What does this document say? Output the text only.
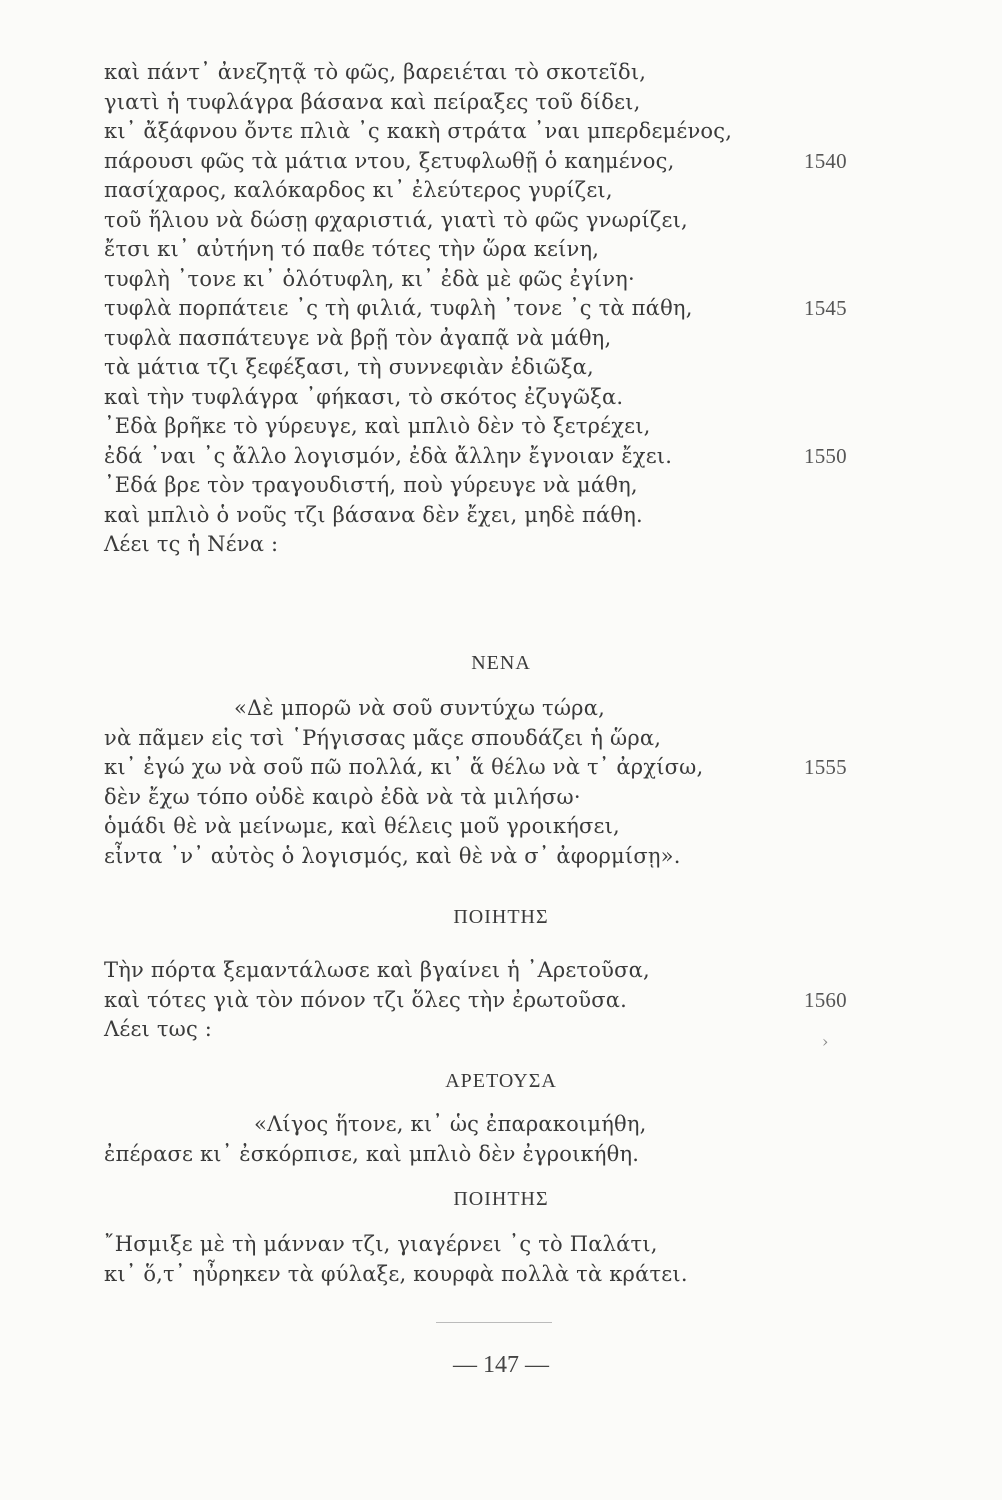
καὶ πάντ᾽ ἀνεζητᾷ τὸ φῶς, βαρειέται τὸ σκοτεῖδι,
γιατὶ ἡ τυφλάγρα βάσανα καὶ πείραξες τοῦ δίδει,
κι᾽ ἄξάφνου ὄντε πλιὰ ᾽ς κακὴ στράτα ᾽ναι μπερδεμένος,
πάρουσι φῶς τὰ μάτια ντου, ξετυφλωθῇ ὁ καημένος,	1540
πασίχαρος, καλόκαρδος κι᾽ ἐλεύτερος γυρίζει,
τοῦ ἥλιου νὰ δώσῃ φχαριστιά, γιατὶ τὸ φῶς γνωρίζει,
ἔτσι κι᾽ αὐτήνη τό παθε τότες τὴν ὥρα κείνη,
τυφλὴ ᾽τονε κι᾽ ὁλότυφλη, κι᾽ ἐδὰ μὲ φῶς ἐγίνη·
τυφλὰ πορπάτειε ᾽ς τὴ φιλιά, τυφλὴ ᾽τονε ᾽ς τὰ πάθη,	1545
τυφλὰ πασπάτευγε νὰ βρῇ τὸν ἀγαπᾷ νὰ μάθη,
τὰ μάτια τζι ξεφέξασι, τὴ συννεφιὰν ἐδιῶξα,
καὶ τὴν τυφλάγρα ᾽φήκασι, τὸ σκότος ἐζυγῶξα.
᾽Εδὰ βρῆκε τὸ γύρευγε, καὶ μπλιὸ δὲν τὸ ξετρέχει,
ἐδά ᾽ναι ᾽ς ἄλλο λογισμόν, ἐδὰ ἄλλην ἔγνοιαν ἔχει.	1550
᾽Εδά βρε τὸν τραγουδιστή, ποὺ γύρευγε νὰ μάθη,
καὶ μπλιὸ ὁ νοῦς τζι βάσανα δὲν ἔχει, μηδὲ πάθη.
Λέει τς ἡ Νένα :
ΝΕΝΑ
«Δὲ μπορῶ νὰ σοῦ συντύχω τώρα,
νὰ πᾶμεν εἰς τσὶ ῾Ρήγισσας μᾶςε σπουδάζει ἡ ὥρα,
κι᾽ ἐγώ χω νὰ σοῦ πῶ πολλά, κι᾽ ἅ θέλω νὰ τ᾽ ἀρχίσω,	1555
δὲν ἔχω τόπο οὐδὲ καιρὸ ἐδὰ νὰ τὰ μιλήσω·
ὁμάδι θὲ νὰ μείνωμε, καὶ θέλεις μοῦ γροικήσει,
εἶντα ᾽ν᾽ αὐτὸς ὁ λογισμός, καὶ θὲ νὰ σ᾽ ἀφορμίσῃ».
ΠΟΙΗΤΗΣ
Τὴν πόρτα ξεμαντάλωσε καὶ βγαίνει ἡ ᾽Αρετοῦσα,
καὶ τότες γιὰ τὸν πόνον τζι ὅλες τὴν ἐρωτοῦσα.	1560
Λέει τως :
›
ΑΡΕΤΟΥΣΑ
«Λίγος ἥτονε, κι᾽ ὡς ἐπαρακοιμήθη,
ἐπέρασε κι᾽ ἐσκόρπισε, καὶ μπλιὸ δὲν ἐγροικήθη.
ΠΟΙΗΤΗΣ
῎Ησμιξε μὲ τὴ μάνναν τζι, γιαγέρνει ᾽ς τὸ Παλάτι,
κι᾽ ὅ,τ᾽ ηὖρηκεν τὰ φύλαξε, κουρφὰ πολλὰ τὰ κράτει.
— 147 —
